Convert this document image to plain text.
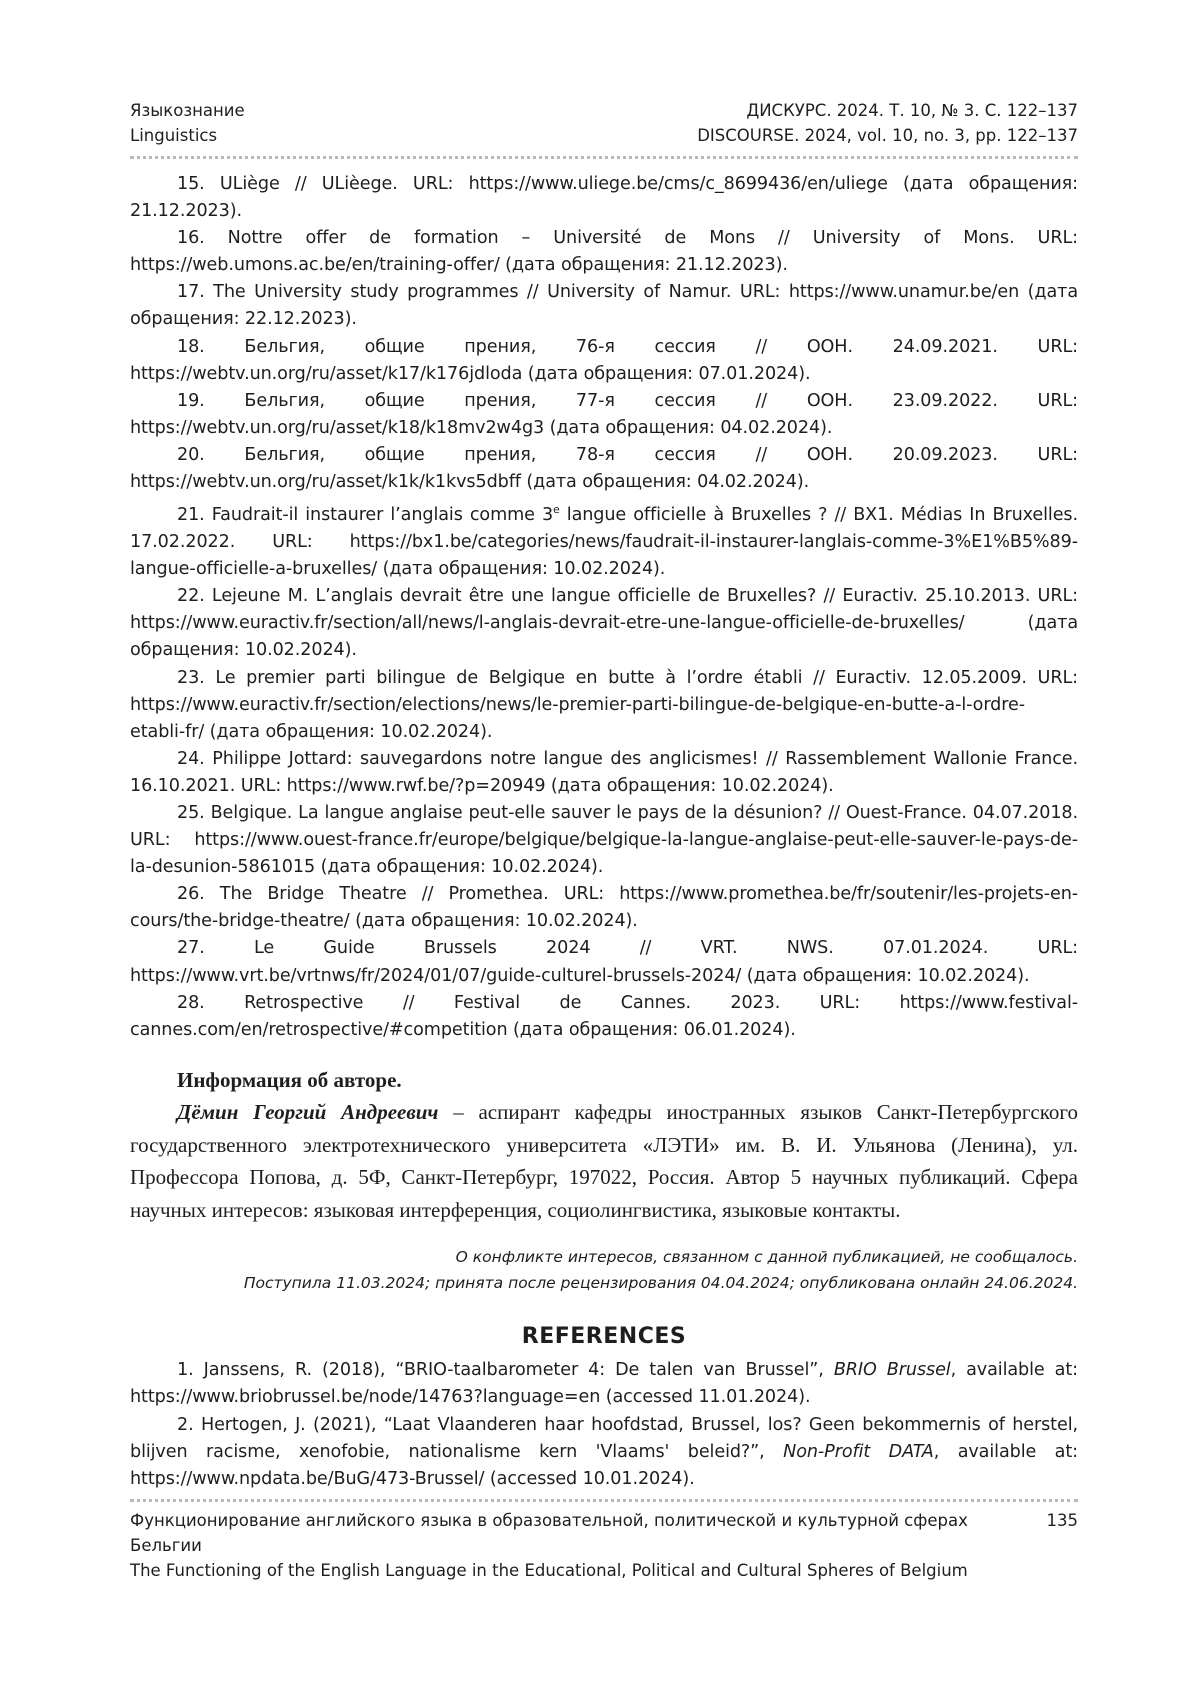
Языкознание
Linguistics
ДИСКУРС. 2024. Т. 10, № 3. С. 122–137
DISCOURSE. 2024, vol. 10, no. 3, pp. 122–137

15. ULiège // ULièege. URL: https://www.uliege.be/cms/c_8699436/en/uliege (дата обращения: 21.12.2023).

16. Nottre offer de formation – Université de Mons // University of Mons. URL: https://web.umons.ac.be/en/training-offer/ (дата обращения: 21.12.2023).

17. The University study programmes // University of Namur. URL: https://www.unamur.be/en (дата обращения: 22.12.2023).

18. Бельгия, общие прения, 76-я сессия // ООН. 24.09.2021. URL: https://webtv.un.org/ru/asset/k17/k176jdloda (дата обращения: 07.01.2024).

19. Бельгия, общие прения, 77-я сессия // ООН. 23.09.2022. URL: https://webtv.un.org/ru/asset/k18/k18mv2w4g3 (дата обращения: 04.02.2024).

20. Бельгия, общие прения, 78-я сессия // ООН. 20.09.2023. URL: https://webtv.un.org/ru/asset/k1k/k1kvs5dbff (дата обращения: 04.02.2024).

21. Faudrait-il instaurer l’anglais comme 3e langue officielle à Bruxelles ? // BX1. Médias In Bruxelles. 17.02.2022. URL: https://bx1.be/categories/news/faudrait-il-instaurer-langlais-comme-3%E1%B5%89-langue-officielle-a-bruxelles/ (дата обращения: 10.02.2024).

22. Lejeune M. L’anglais devrait être une langue officielle de Bruxelles? // Euractiv. 25.10.2013. URL: https://www.euractiv.fr/section/all/news/l-anglais-devrait-etre-une-langue-officielle-de-bruxelles/ (дата обращения: 10.02.2024).

23. Le premier parti bilingue de Belgique en butte à l’ordre établi // Euractiv. 12.05.2009. URL: https://www.euractiv.fr/section/elections/news/le-premier-parti-bilingue-de-belgique-en-butte-a-l-ordre-etabli-fr/ (дата обращения: 10.02.2024).

24. Philippe Jottard: sauvegardons notre langue des anglicismes! // Rassemblement Wallonie France. 16.10.2021. URL: https://www.rwf.be/?p=20949 (дата обращения: 10.02.2024).

25. Belgique. La langue anglaise peut-elle sauver le pays de la désunion? // Ouest-France. 04.07.2018. URL: https://www.ouest-france.fr/europe/belgique/belgique-la-langue-anglaise-peut-elle-sauver-le-pays-de-la-desunion-5861015 (дата обращения: 10.02.2024).

26. The Bridge Theatre // Promethea. URL: https://www.promethea.be/fr/soutenir/les-projets-en-cours/the-bridge-theatre/ (дата обращения: 10.02.2024).

27. Le Guide Brussels 2024 // VRT. NWS. 07.01.2024. URL: https://www.vrt.be/vrtnws/fr/2024/01/07/guide-culturel-brussels-2024/ (дата обращения: 10.02.2024).

28. Retrospective // Festival de Cannes. 2023. URL: https://www.festival-cannes.com/en/retrospective/#competition (дата обращения: 06.01.2024).

Информация об авторе.

Дёмин Георгий Андреевич – аспирант кафедры иностранных языков Санкт-Петербургского государственного электротехнического университета «ЛЭТИ» им. В. И. Ульянова (Ленина), ул. Профессора Попова, д. 5Ф, Санкт-Петербург, 197022, Россия. Автор 5 научных публикаций. Сфера научных интересов: языковая интерференция, социолингвистика, языковые контакты.

О конфликте интересов, связанном с данной публикацией, не сообщалось.
Поступила 11.03.2024; принята после рецензирования 04.04.2024; опубликована онлайн 24.06.2024.
REFERENCES

1. Janssens, R. (2018), “BRIO-taalbarometer 4: De talen van Brussel”, BRIO Brussel, available at: https://www.briobrussel.be/node/14763?language=en (accessed 11.01.2024).

2. Hertogen, J. (2021), “Laat Vlaanderen haar hoofdstad, Brussel, los? Geen bekommernis of herstel, blijven racisme, xenofobie, nationalisme kern 'Vlaams' beleid?”, Non-Profit DATA, available at: https://www.npdata.be/BuG/473-Brussel/ (accessed 10.01.2024).

Функционирование английского языка в образовательной, политической и культурной сферах Бельгии
The Functioning of the English Language in the Educational, Political and Cultural Spheres of Belgium
135
